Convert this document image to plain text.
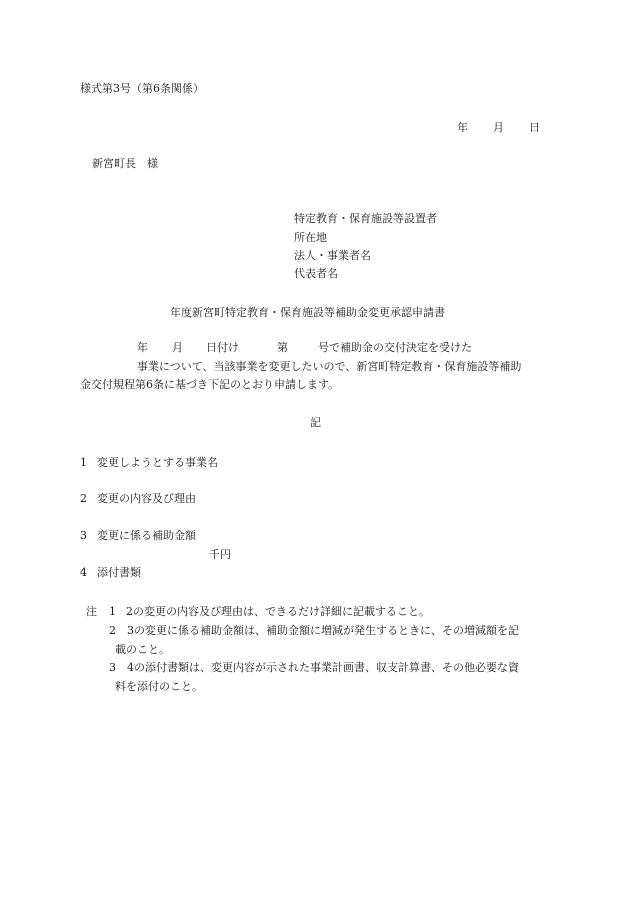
様式第3号（第6条関係）
年 月 日
新宮町長　様
特定教育・保育施設等設置者
所在地
法人・事業者名
代表者名
年度新宮町特定教育・保育施設等補助金変更承認申請書
年 月 日付け	第	号で補助金の交付決定を受けた
事業について、当該事業を変更したいので、新宮町特定教育・保育施設等補助
金交付規程第6条に基づき下記のとおり申請します。
記
1 変更しようとする事業名
2 変更の内容及び理由
3 変更に係る補助金額
千円
4 添付書類
注 1 2の変更の内容及び理由は、できるだけ詳細に記載すること。
2 3の変更に係る補助金額は、補助金額に増減が発生するときに、その増減額を記
載のこと。
3 4の添付書類は、変更内容が示された事業計画書、収支計算書、その他必要な資
料を添付のこと。
